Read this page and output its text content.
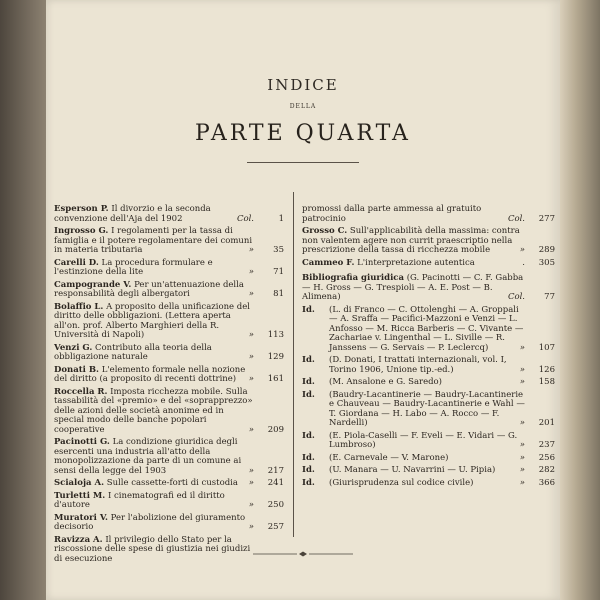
INDICE
DELLA
PARTE QUARTA
Esperson P. Il divorzio e la seconda convenzione dell'Aja del 1902	Col.	1
Ingrosso G. I regolamenti per la tassa di famiglia e il potere regolamentare dei comuni in materia tributaria	» 35
Carelli D. La procedura formulare e l'estinzione della lite	» 71
Campogrande V. Per un'attenuazione della responsabilità degli albergatori	» 81
Bolaffio L. A proposito della unificazione del diritto delle obbligazioni. (Lettera aperta all'on. prof. Alberto Marghieri della R. Università di Napoli)	» 113
Venzi G. Contributo alla teoria della obbligazione naturale	» 129
Donati B. L'elemento formale nella nozione del diritto (a proposito di recenti dottrine)	» 161
Roccella R. Imposta ricchezza mobile. Sulla tassabilità del «premio» e del «soprapprezzo» delle azioni delle società anonime ed in special modo delle banche popolari cooperative	» 209
Pacinotti G. La condizione giuridica degli esercenti una industria all'atto della monopolizzazione da parte di un comune ai sensi della legge del 1903	» 217
Scialoja A. Sulle cassette-forti di custodia	» 241
Turletti M. I cinematografi ed il diritto d'autore	» 250
Muratori V. Per l'abolizione del giuramento decisorio	» 257
Ravizza A. Il privilegio dello Stato per la riscossione delle spese di giustizia nei giudizi di esecuzione
promossi dalla parte ammessa al gratuito patrocinio	Col. 277
Grosso C. Sull'applicabilità della massima: contra non valentem agere non currit praescriptio nella prescrizione della tassa di ricchezza mobile	» 289
Cammeo F. L'interpretazione autentica	. 305
Bibliografia giuridica (G. Pacinotti — C. F. Gabba — H. Gross — G. Trespioli — A. E. Post — B. Alimena)	Col. 77
Id.	(L. di Franco — C. Ottolenghi — A. Groppali — A. Sraffa — Pacifici-Mazzoni e Venzi — L. Anfosso — M. Ricca Barberis — C. Vivante — Zachariae v. Lingenthal — L. Siville — R. Janssens — G. Servais — P. Leclercq)	» 107
Id.	(D. Donati, I trattati internazionali, vol. I, Torino 1906, Unione tip.-ed.)	» 126
Id.	(M. Ansalone e G. Saredo)	» 158
Id.	(Baudry-Lacantinerie — Baudry-Lacantinerie e Chauveau — Baudry-Lacantinerie e Wahl — T. Giordana — H. Labo — A. Rocco — F. Nardelli)	» 201
Id.	(E. Piola-Caselli — F. Eveli — E. Vidari — G. Lumbroso)	» 237
Id.	(E. Carnevale — V. Marone)	» 256
Id.	(U. Manara — U. Navarrini — U. Pipia)	» 282
Id.	(Giurisprudenza sul codice civile)	» 366
